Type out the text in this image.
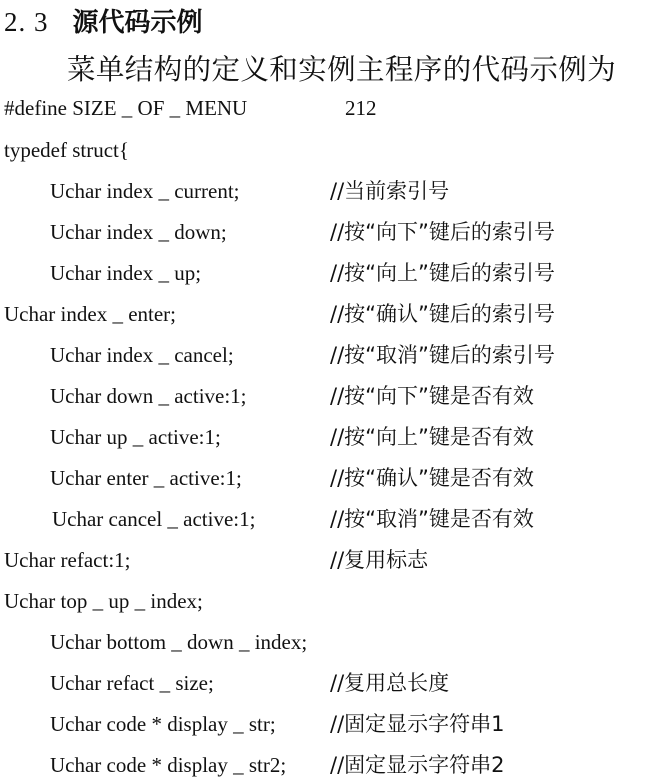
2. 3 源代码示例
菜单结构的定义和实例主程序的代码示例为
#define SIZE _ OF _ MENU	212
typedef struct{
Uchar index _ current;	//当前索引号
Uchar index _ down;	//按“向下”键后的索引号
Uchar index _ up;	//按“向上”键后的索引号
Uchar index _ enter;	//按“确认”键后的索引号
Uchar index _ cancel;	//按“取消”键后的索引号
Uchar down _ active:1;	//按“向下”键是否有效
Uchar up _ active:1;	//按“向上”键是否有效
Uchar enter _ active:1;	//按“确认”键是否有效
Uchar cancel _ active:1;	//按“取消”键是否有效
Uchar refact:1;	//复用标志
Uchar top _ up _ index;
Uchar bottom _ down _ index;
Uchar refact _ size;	//复用总长度
Uchar code * display _ str;	//固定显示字符串1
Uchar code * display _ str2; //固定显示字符串2
